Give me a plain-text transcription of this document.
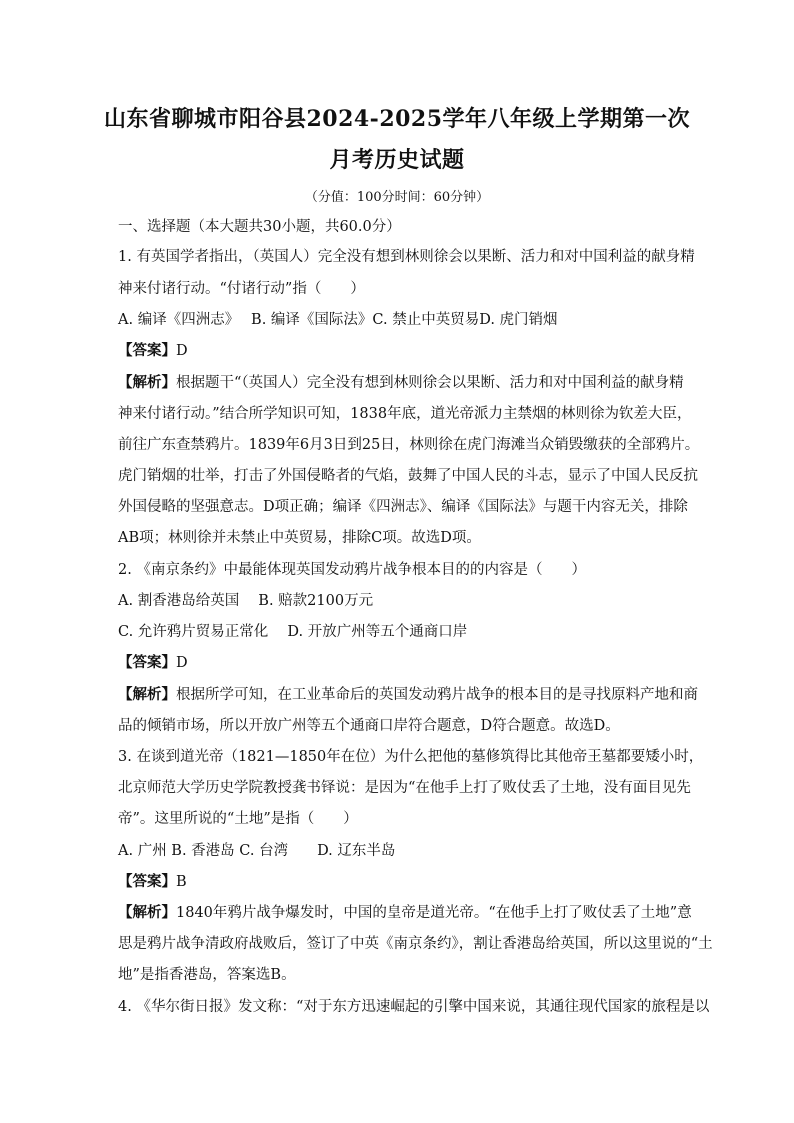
山东省聊城市阳谷县2024-2025学年八年级上学期第一次
月考历史试题
（分值：100分时间：60分钟）
一、选择题（本大题共30小题，共60.0分）
1. 有英国学者指出，（英国人）完全没有想到林则徐会以果断、活力和对中国利益的献身精
神来付诸行动。“付诸行动”指（　　）
A. 编译《四洲志》　 B. 编译《国际法》C. 禁止中英贸易D. 虎门销烟
【答案】D
【解析】根据题干“（英国人）完全没有想到林则徐会以果断、活力和对中国利益的献身精
神来付诸行动。”结合所学知识可知，1838年底，道光帝派力主禁烟的林则徐为钦差大臣，
前往广东查禁鸦片。1839年6月3日到25日，林则徐在虎门海滩当众销毁缴获的全部鸦片。
虎门销烟的壮举，打击了外国侵略者的气焰，鼓舞了中国人民的斗志，显示了中国人民反抗
外国侵略的坚强意志。D项正确；编译《四洲志》、编译《国际法》与题干内容无关，排除
AB项；林则徐并未禁止中英贸易，排除C项。故选D项。
2. 《南京条约》中最能体现英国发动鸦片战争根本目的的内容是（　　）
A. 割香港岛给英国　 B. 赔款2100万元
C. 允许鸦片贸易正常化　 D. 开放广州等五个通商口岸
【答案】D
【解析】根据所学可知，在工业革命后的英国发动鸦片战争的根本目的是寻找原料产地和商
品的倾销市场，所以开放广州等五个通商口岸符合题意，D符合题意。故选D。
3. 在谈到道光帝（1821—1850年在位）为什么把他的墓修筑得比其他帝王墓都要矮小时，
北京师范大学历史学院教授龚书铎说：是因为“在他手上打了败仗丢了土地，没有面目见先
帝”。这里所说的“土地”是指（　　）
A. 广州 B. 香港岛 C. 台湾　　D. 辽东半岛
【答案】B
【解析】1840年鸦片战争爆发时，中国的皇帝是道光帝。“在他手上打了败仗丢了土地”意
思是鸦片战争清政府战败后，签订了中英《南京条约》，割让香港岛给英国，所以这里说的“土
地”是指香港岛，答案选B。
4. 《华尔街日报》发文称：“对于东方迅速崛起的引擎中国来说，其通往现代国家的旅程是以
